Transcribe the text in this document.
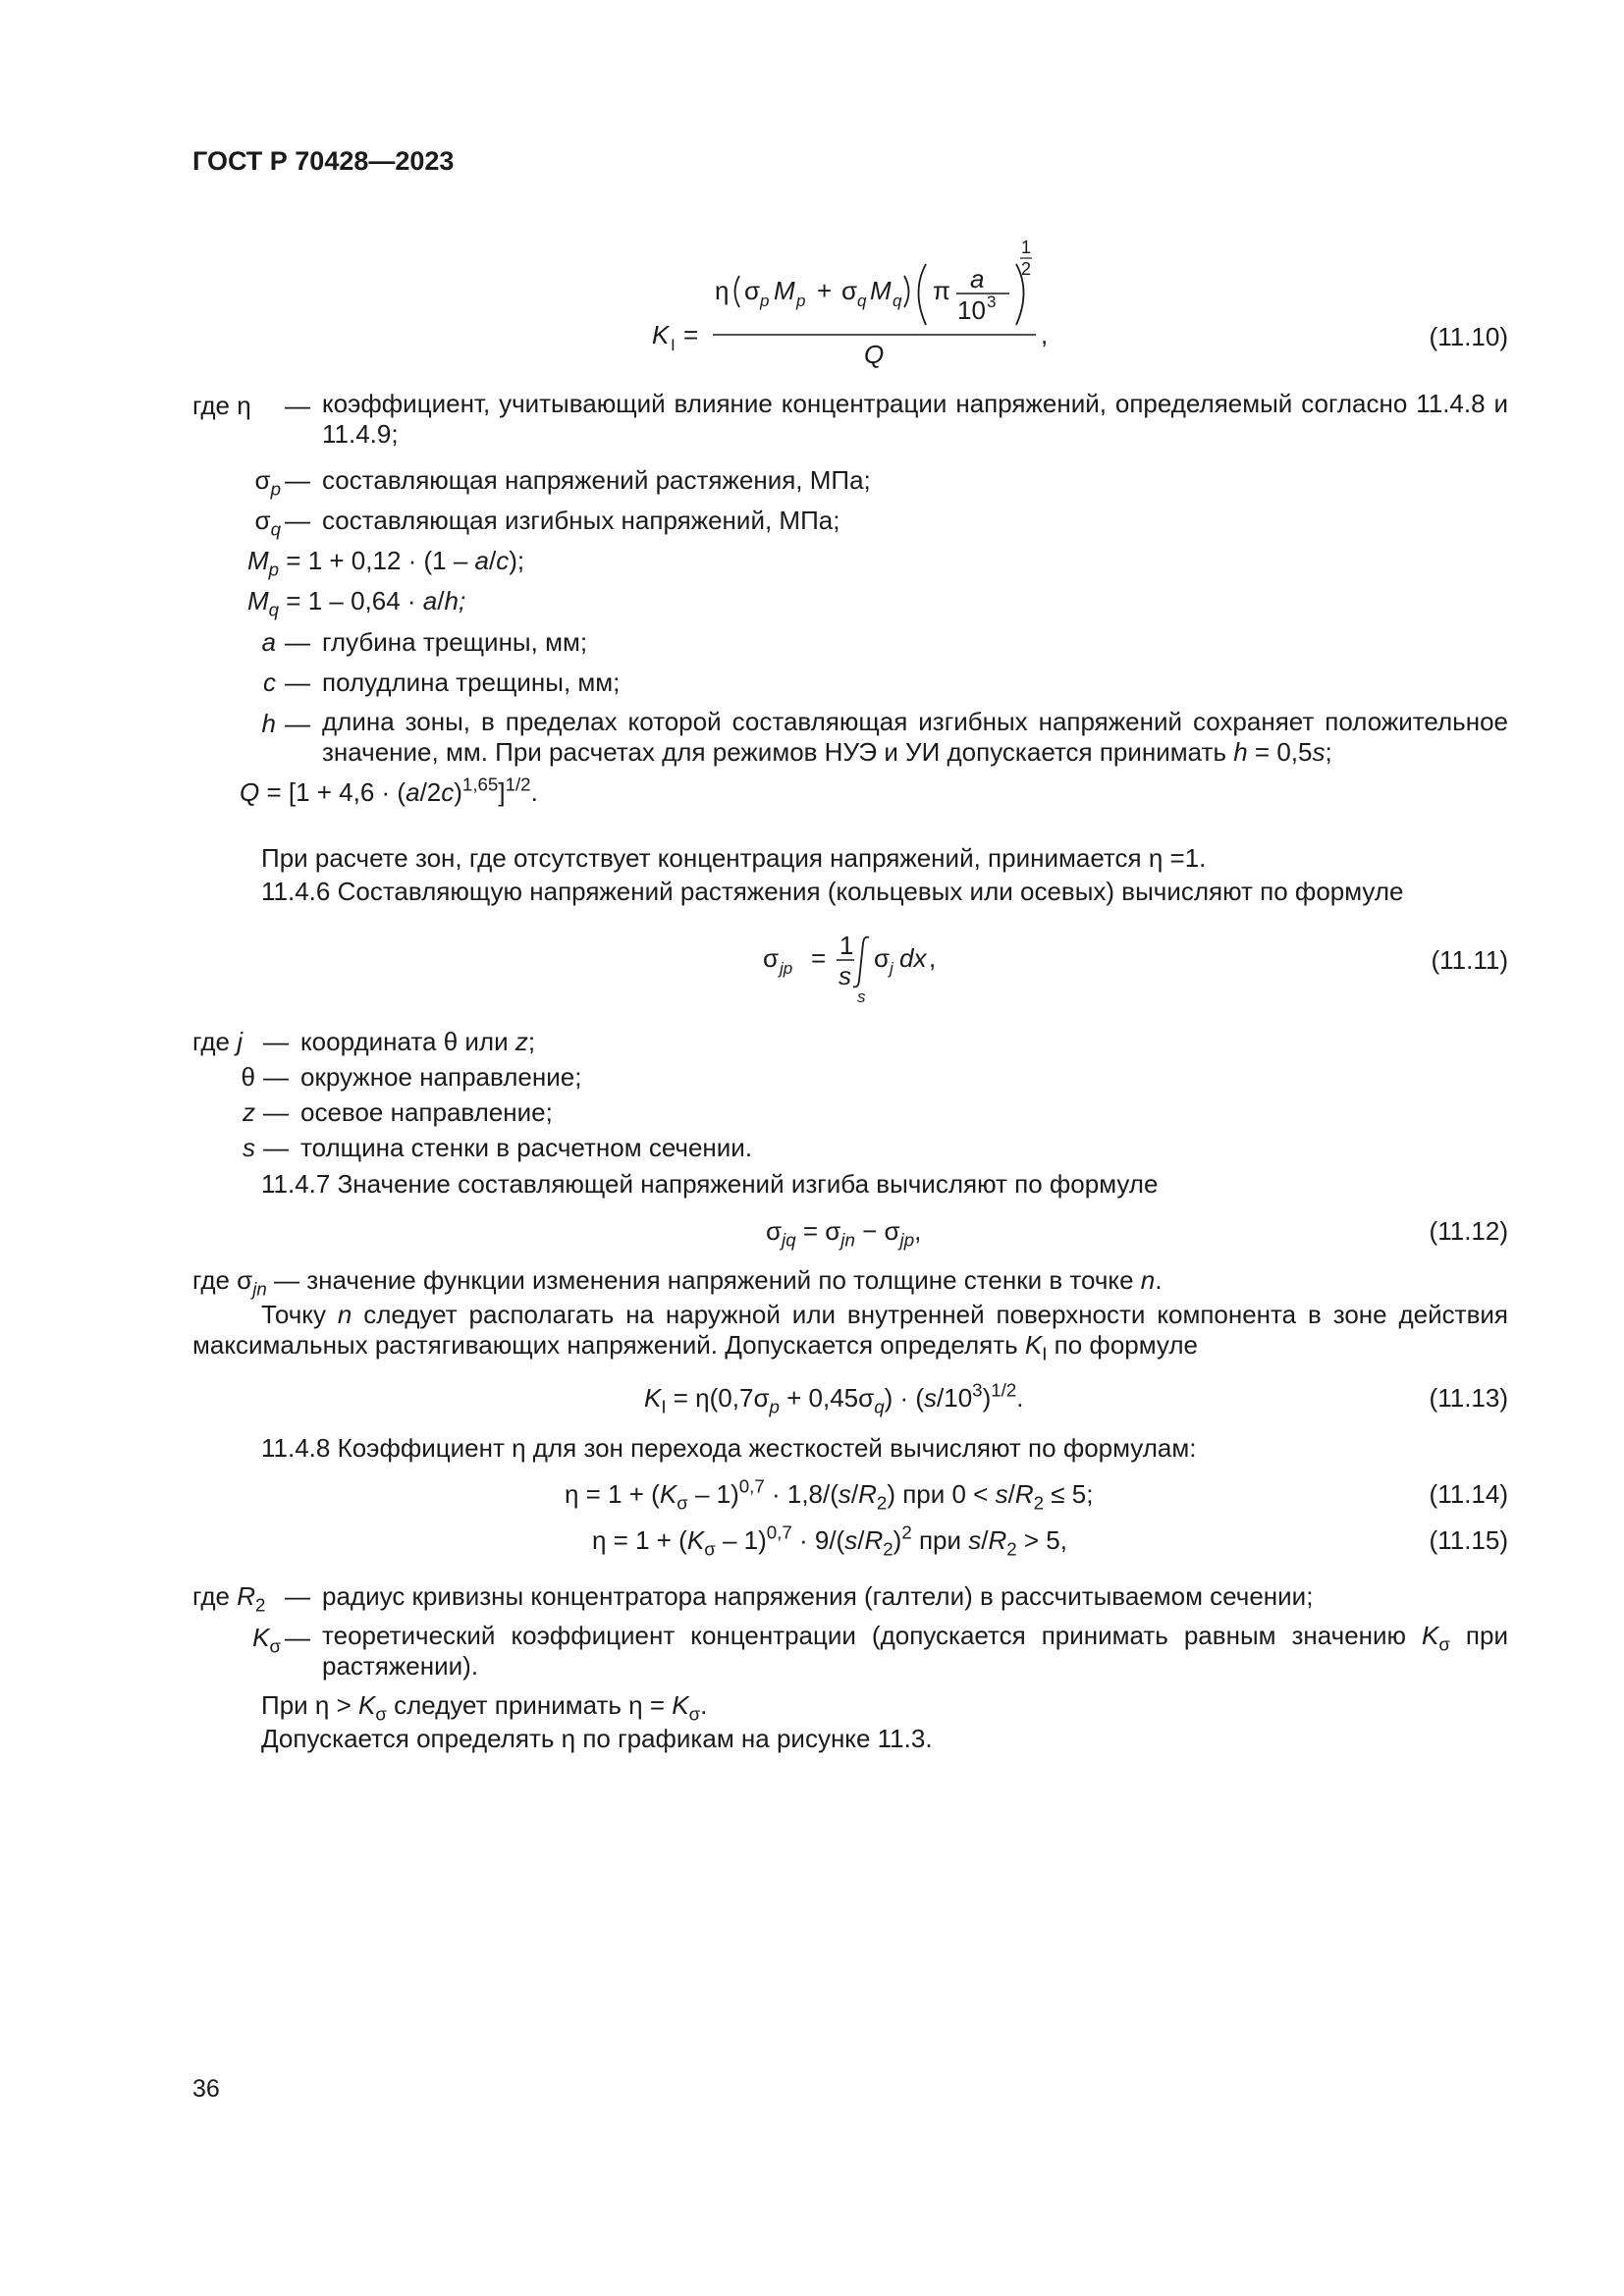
ГОСТ Р 70428—2023
K I =
η σ p M p + σ q M q π a
10 3
1
2
Q
,	(11.10)
где η — коэффициент, учитывающий влияние концентрации напряжений, определяемый согласно 11.4.8 и 11.4.9;
$\sigma_p$ — составляющая напряжений растяжения, МПа;
$\sigma_q$ — составляющая изгибных напряжений, МПа;
$M_p = 1 + 0,12 \cdot (1 - a/c)$;
$M_q = 1 - 0,64 \cdot a/h$;
a — глубина трещины, мм;
c — полудлина трещины, мм;
h — длина зоны, в пределах которой составляющая изгибных напряжений сохраняет положительное значение, мм. При расчетах для режимов НУЭ и УИ допускается принимать h = 0,5s;
$Q = [1 + 4,6 \cdot (a/2c)^{1,65}]^{1/2}$.
При расчете зон, где отсутствует концентрация напряжений, принимается η =1.
11.4.6 Составляющую напряжений растяжения (кольцевых или осевых) вычисляют по формуле
σ jp = 1
s
s
σ j dx ,	(11.11)
где j — координата θ или z;
θ — окружное направление;
z — осевое направление;
s — толщина стенки в расчетном сечении.
11.4.7 Значение составляющей напряжений изгиба вычисляют по формуле
$\sigma_{jq} = \sigma_{jn} - \sigma_{jp}$,	(11.12)
где $\sigma_{jn}$ — значение функции изменения напряжений по толщине стенки в точке n.
Точку n следует располагать на наружной или внутренней поверхности компонента в зоне действия максимальных растягивающих напряжений. Допускается определять $K_I$ по формуле
$K_I = \eta(0,7\sigma_p + 0,45\sigma_q) \cdot (s/10^3)^{1/2}$.	(11.13)
11.4.8 Коэффициент η для зон перехода жесткостей вычисляют по формулам:
$\eta = 1 + (K_\sigma - 1)^{0,7} \cdot 1,8/(s/R_2)$ при $0 < s/R_2 \le 5$;	(11.14)
$\eta = 1 + (K_\sigma - 1)^{0,7} \cdot 9/(s/R_2)^2$ при $s/R_2 > 5$,	(11.15)
где $R_2$ — радиус кривизны концентратора напряжения (галтели) в рассчитываемом сечении;
$K_\sigma$ — теоретический коэффициент концентрации (допускается принимать равным значению $K_\sigma$ при растяжении).
При $\eta > K_\sigma$ следует принимать $\eta = K_\sigma$.
Допускается определять η по графикам на рисунке 11.3.
36
